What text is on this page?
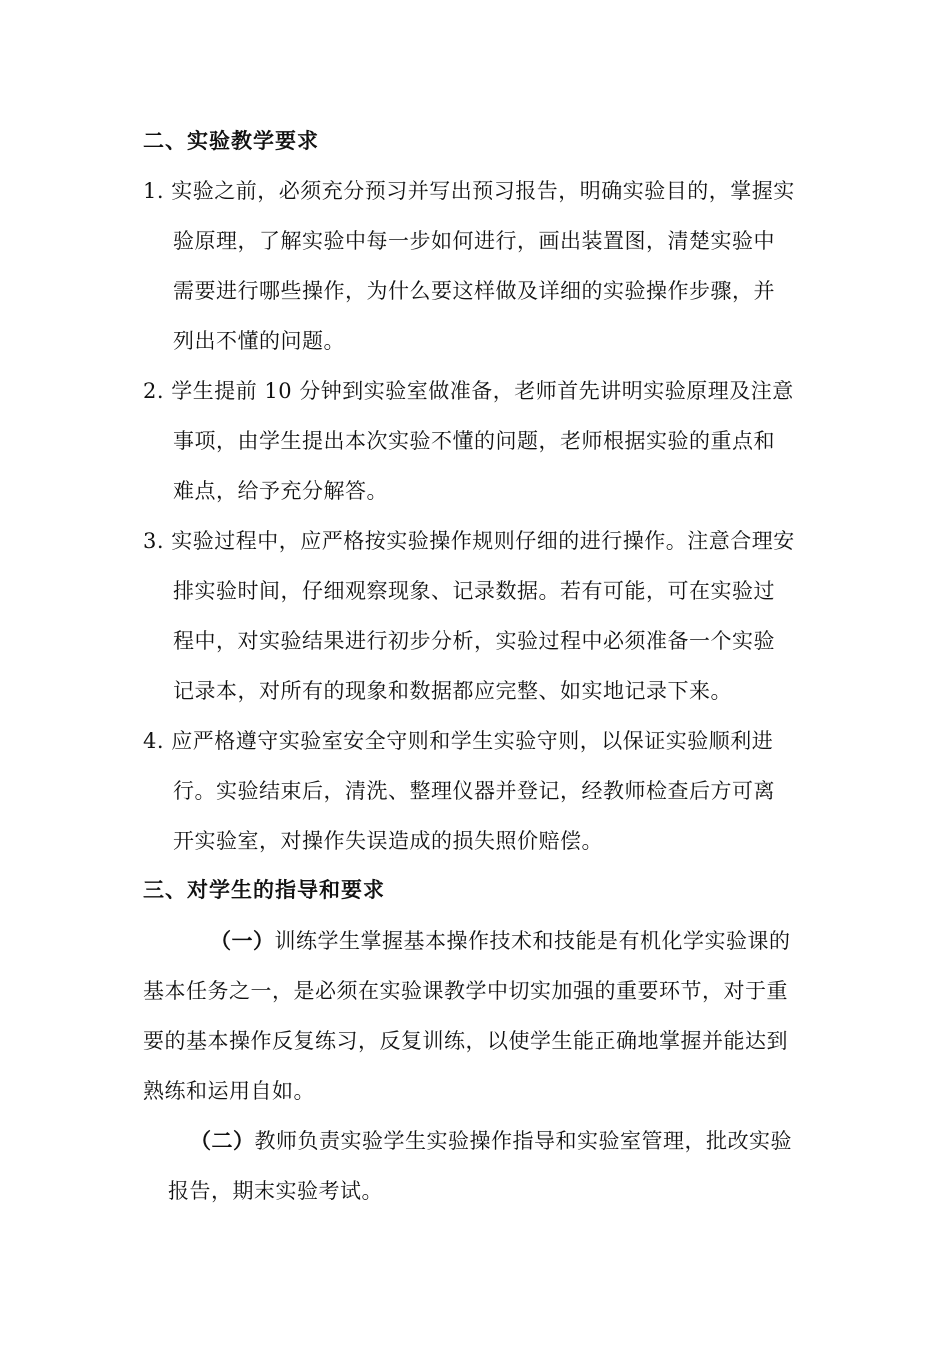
二、实验教学要求
1. 实验之前，必须充分预习并写出预习报告，明确实验目的，掌握实
验原理，了解实验中每一步如何进行，画出装置图，清楚实验中
需要进行哪些操作，为什么要这样做及详细的实验操作步骤，并
列出不懂的问题。
2. 学生提前 10 分钟到实验室做准备，老师首先讲明实验原理及注意
事项，由学生提出本次实验不懂的问题，老师根据实验的重点和
难点，给予充分解答。
3. 实验过程中，应严格按实验操作规则仔细的进行操作。注意合理安
排实验时间，仔细观察现象、记录数据。若有可能，可在实验过
程中，对实验结果进行初步分析，实验过程中必须准备一个实验
记录本，对所有的现象和数据都应完整、如实地记录下来。
4. 应严格遵守实验室安全守则和学生实验守则，以保证实验顺利进
行。实验结束后，清洗、整理仪器并登记，经教师检查后方可离
开实验室，对操作失误造成的损失照价赔偿。
三、对学生的指导和要求
（一）训练学生掌握基本操作技术和技能是有机化学实验课的
基本任务之一，是必须在实验课教学中切实加强的重要环节，对于重
要的基本操作反复练习，反复训练，以使学生能正确地掌握并能达到
熟练和运用自如。
（二）教师负责实验学生实验操作指导和实验室管理，批改实验
报告，期末实验考试。
